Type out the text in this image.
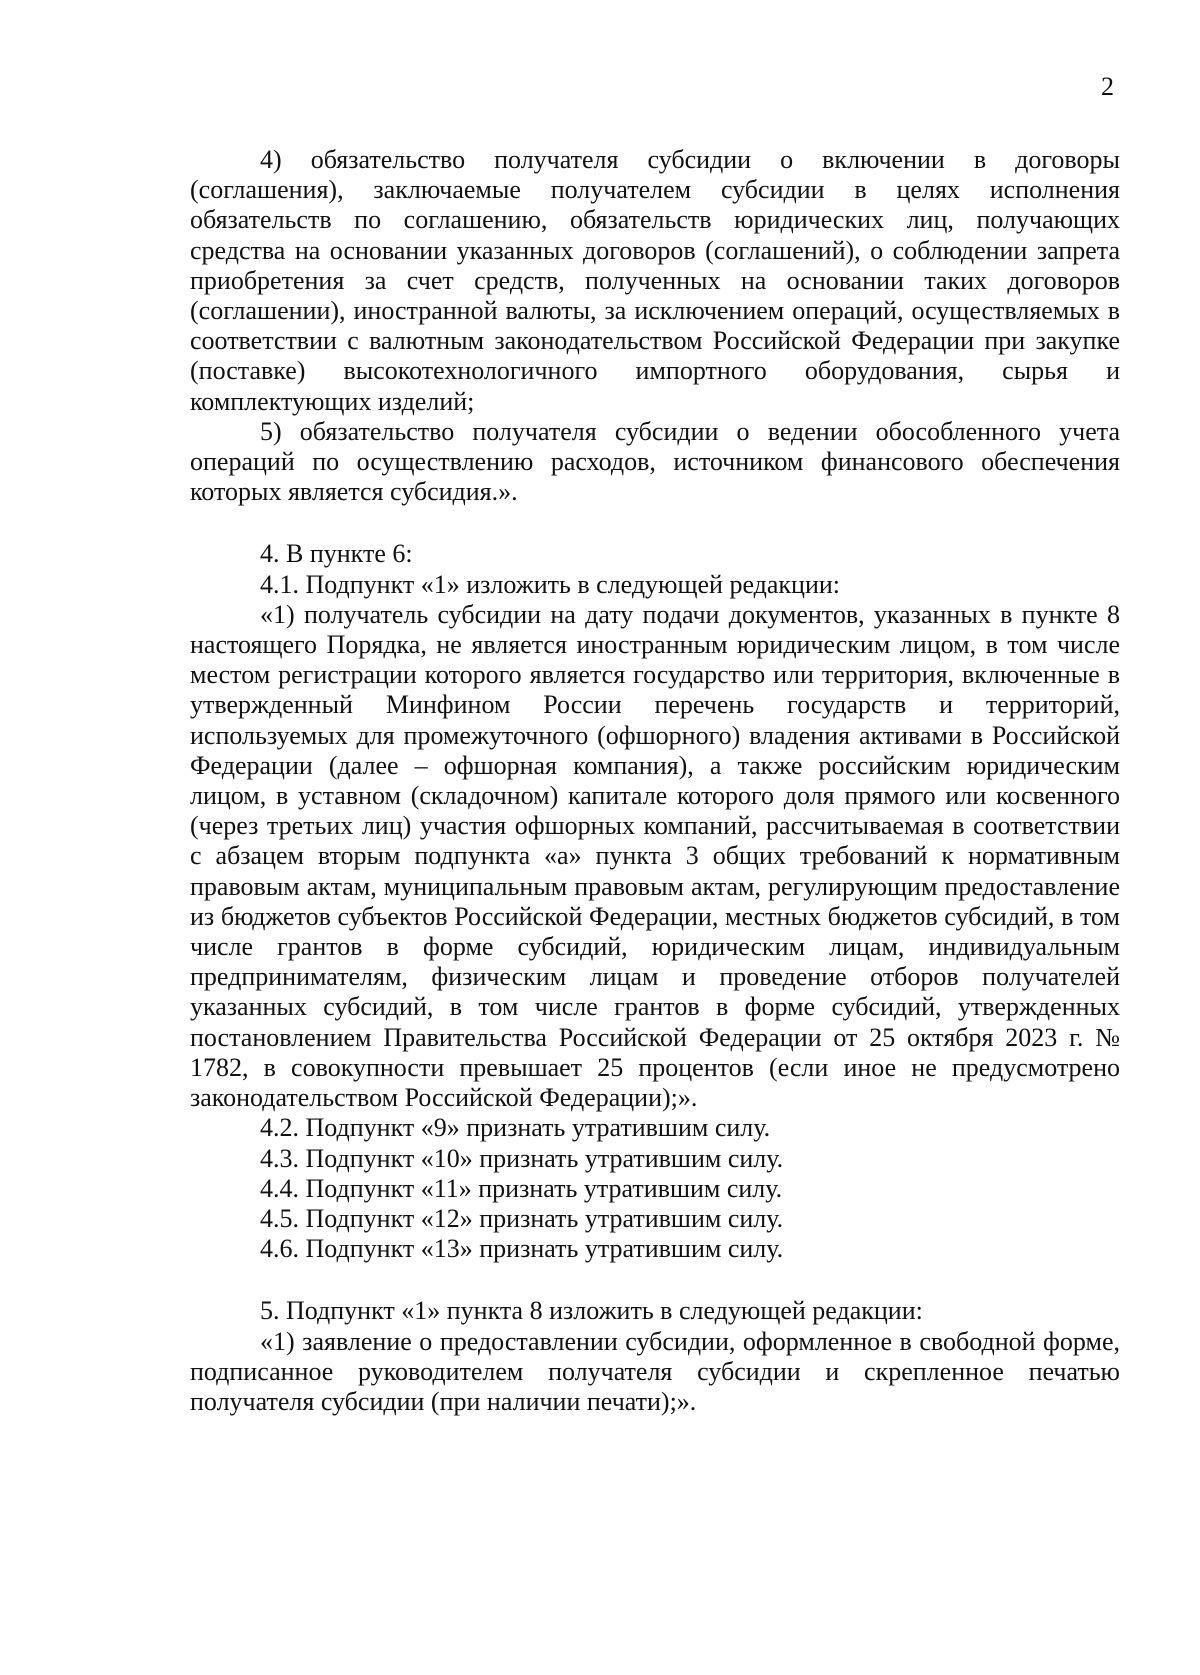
2

4) обязательство получателя субсидии о включении в договоры (соглашения), заключаемые получателем субсидии в целях исполнения обязательств по соглашению, обязательств юридических лиц, получающих средства на основании указанных договоров (соглашений), о соблюдении запрета приобретения за счет средств, полученных на основании таких договоров (соглашении), иностранной валюты, за исключением операций, осуществляемых в соответствии с валютным законодательством Российской Федерации при закупке (поставке) высокотехнологичного импортного оборудования, сырья и комплектующих изделий;

5) обязательство получателя субсидии о ведении обособленного учета операций по осуществлению расходов, источником финансового обеспечения которых является субсидия.».

4. В пункте 6:

4.1. Подпункт «1» изложить в следующей редакции:

«1) получатель субсидии на дату подачи документов, указанных в пункте 8 настоящего Порядка, не является иностранным юридическим лицом, в том числе местом регистрации которого является государство или территория, включенные в утвержденный Минфином России перечень государств и территорий, используемых для промежуточного (офшорного) владения активами в Российской Федерации (далее – офшорная компания), а также российским юридическим лицом, в уставном (складочном) капитале которого доля прямого или косвенного (через третьих лиц) участия офшорных компаний, рассчитываемая в соответствии с абзацем вторым подпункта «а» пункта 3 общих требований к нормативным правовым актам, муниципальным правовым актам, регулирующим предоставление из бюджетов субъектов Российской Федерации, местных бюджетов субсидий, в том числе грантов в форме субсидий, юридическим лицам, индивидуальным предпринимателям, физическим лицам и проведение отборов получателей указанных субсидий, в том числе грантов в форме субсидий, утвержденных постановлением Правительства Российской Федерации от 25 октября 2023 г. № 1782, в совокупности превышает 25 процентов (если иное не предусмотрено законодательством Российской Федерации);».

4.2. Подпункт «9» признать утратившим силу.

4.3. Подпункт «10» признать утратившим силу.

4.4. Подпункт «11» признать утратившим силу.

4.5. Подпункт «12» признать утратившим силу.

4.6. Подпункт «13» признать утратившим силу.

5. Подпункт «1» пункта 8 изложить в следующей редакции:

«1) заявление о предоставлении субсидии, оформленное в свободной форме, подписанное руководителем получателя субсидии и скрепленное печатью получателя субсидии (при наличии печати);».
